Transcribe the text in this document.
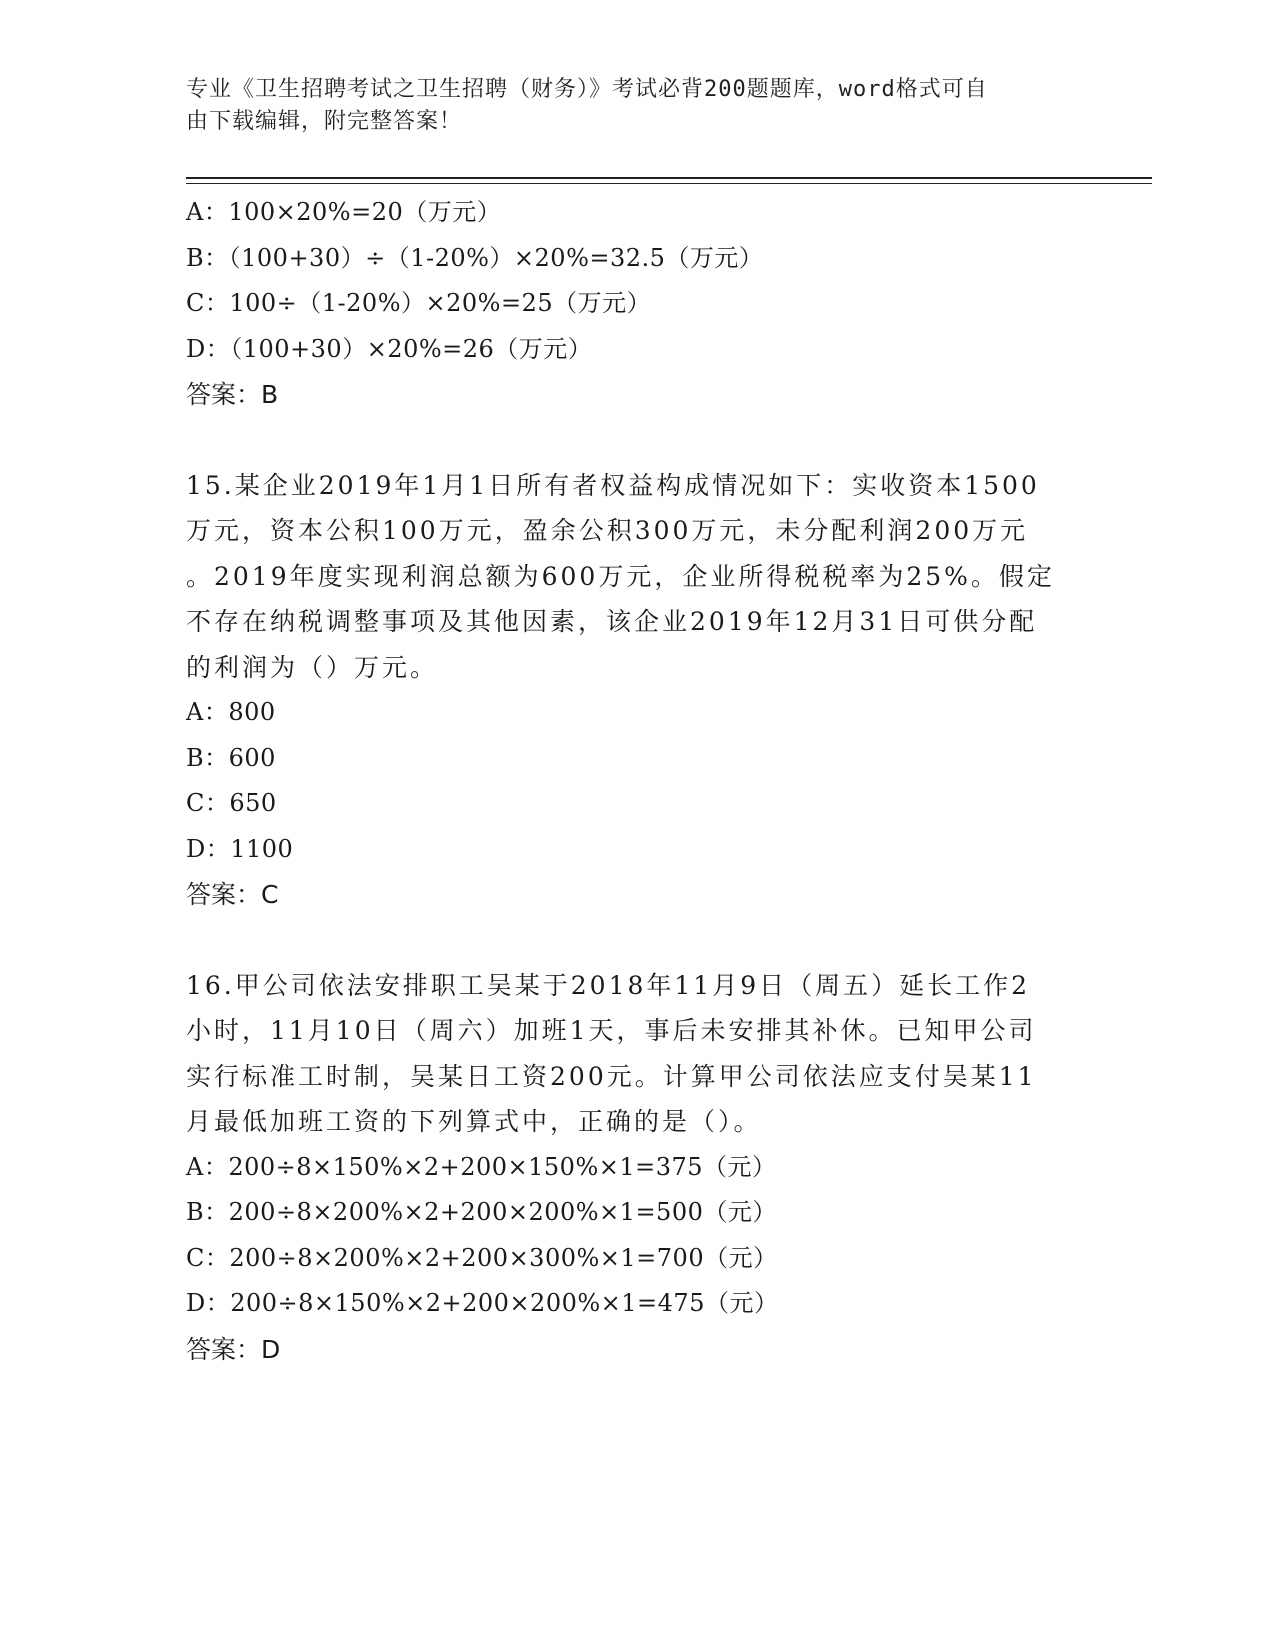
专业《卫生招聘考试之卫生招聘（财务）》考试必背200题题库，word格式可自
由下载编辑，附完整答案！
A：100×20%=20（万元）
B：（100+30）÷（1-20%）×20%=32.5（万元）
C：100÷（1-20%）×20%=25（万元）
D：（100+30）×20%=26（万元）
答案：B
15.某企业2019年1月1日所有者权益构成情况如下：实收资本1500
万元，资本公积100万元，盈余公积300万元，未分配利润200万元
。2019年度实现利润总额为600万元，企业所得税税率为25%。假定
不存在纳税调整事项及其他因素，该企业2019年12月31日可供分配
的利润为（）万元。
A：800
B：600
C：650
D：1100
答案：C
16.甲公司依法安排职工吴某于2018年11月9日（周五）延长工作2
小时，11月10日（周六）加班1天，事后未安排其补休。已知甲公司
实行标准工时制，吴某日工资200元。计算甲公司依法应支付吴某11
月最低加班工资的下列算式中，正确的是（）。
A：200÷8×150%×2+200×150%×1=375（元）
B：200÷8×200%×2+200×200%×1=500（元）
C：200÷8×200%×2+200×300%×1=700（元）
D：200÷8×150%×2+200×200%×1=475（元）
答案：D
